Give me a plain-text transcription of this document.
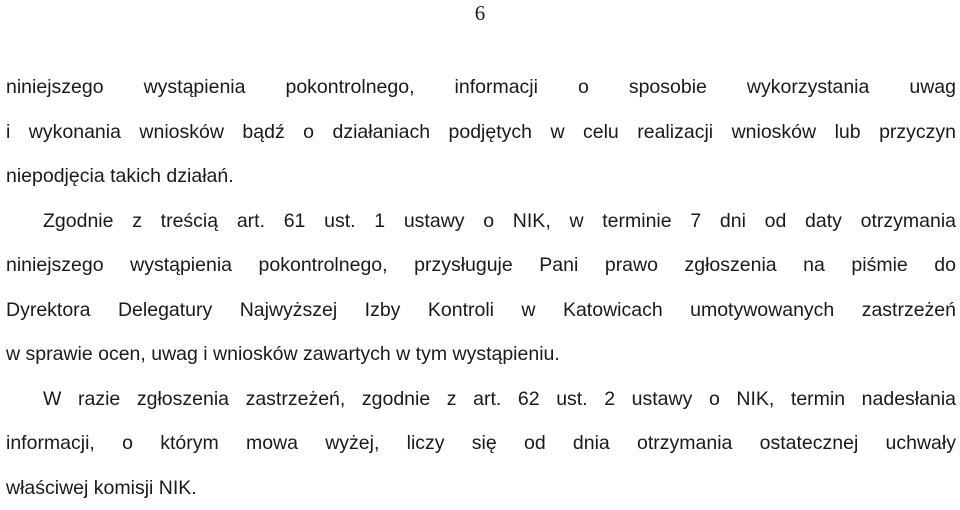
6
niniejszego wystąpienia pokontrolnego, informacji o sposobie wykorzystania uwag
i wykonania wniosków bądź o działaniach podjętych w celu realizacji wniosków lub przyczyn
niepodjęcia takich działań.
Zgodnie z treścią art. 61 ust. 1 ustawy o NIK, w terminie 7 dni od daty otrzymania
niniejszego wystąpienia pokontrolnego, przysługuje Pani prawo zgłoszenia na piśmie do
Dyrektora Delegatury Najwyższej Izby Kontroli w Katowicach umotywowanych zastrzeżeń
w sprawie ocen, uwag i wniosków zawartych w tym wystąpieniu.
W razie zgłoszenia zastrzeżeń, zgodnie z art. 62 ust. 2 ustawy o NIK, termin nadesłania
informacji, o którym mowa wyżej, liczy się od dnia otrzymania ostatecznej uchwały
właściwej komisji NIK.
